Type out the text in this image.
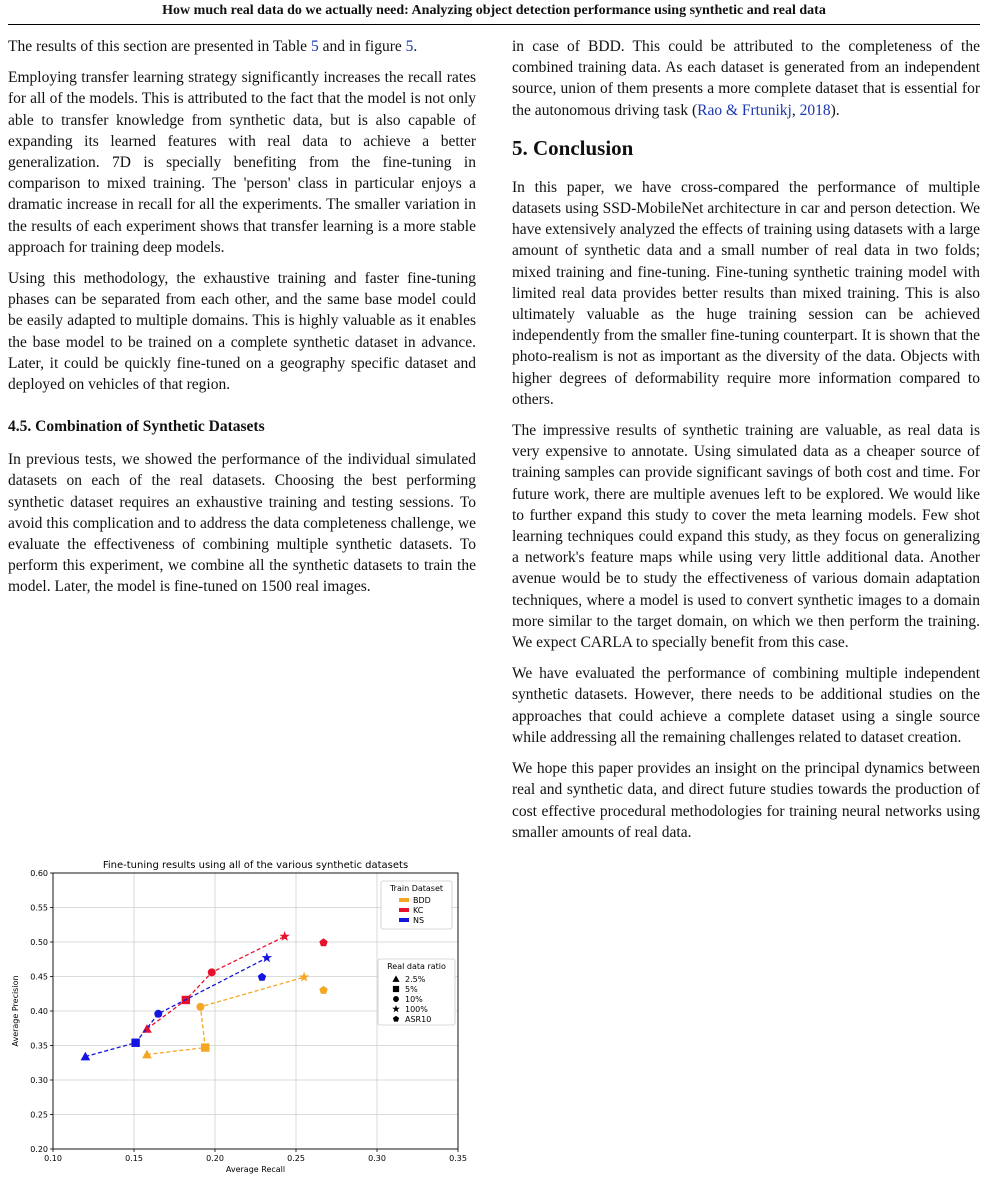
How much real data do we actually need: Analyzing object detection performance using synthetic and real data

The results of this section are presented in Table 5 and in figure 5.

Employing transfer learning strategy significantly increases the recall rates for all of the models. This is attributed to the fact that the model is not only able to transfer knowledge from synthetic data, but is also capable of expanding its learned features with real data to achieve a better generalization. 7D is specially benefiting from the fine-tuning in comparison to mixed training. The 'person' class in particular enjoys a dramatic increase in recall for all the experiments. The smaller variation in the results of each experiment shows that transfer learning is a more stable approach for training deep models.

Using this methodology, the exhaustive training and faster fine-tuning phases can be separated from each other, and the same base model could be easily adapted to multiple domains. This is highly valuable as it enables the base model to be trained on a complete synthetic dataset in advance. Later, it could be quickly fine-tuned on a geography specific dataset and deployed on vehicles of that region.

4.5. Combination of Synthetic Datasets

In previous tests, we showed the performance of the individual simulated datasets on each of the real datasets. Choosing the best performing synthetic dataset requires an exhaustive training and testing sessions. To avoid this complication and to address the data completeness challenge, we evaluate the effectiveness of combining multiple synthetic datasets. To perform this experiment, we combine all the synthetic datasets to train the model. Later, the model is fine-tuned on 1500 real images.

in case of BDD. This could be attributed to the completeness of the combined training data. As each dataset is generated from an independent source, union of them presents a more complete dataset that is essential for the autonomous driving task (Rao & Frtunikj, 2018).

5. Conclusion

In this paper, we have cross-compared the performance of multiple datasets using SSD-MobileNet architecture in car and person detection. We have extensively analyzed the effects of training using datasets with a large amount of synthetic data and a small number of real data in two folds; mixed training and fine-tuning. Fine-tuning synthetic training model with limited real data provides better results than mixed training. This is also ultimately valuable as the huge training session can be achieved independently from the smaller fine-tuning counterpart. It is shown that the photo-realism is not as important as the diversity of the data. Objects with higher degrees of deformability require more information compared to others.

The impressive results of synthetic training are valuable, as real data is very expensive to annotate. Using simulated data as a cheaper source of training samples can provide significant savings of both cost and time. For future work, there are multiple avenues left to be explored. We would like to further expand this study to cover the meta learning models. Few shot learning techniques could expand this study, as they focus on generalizing a network's feature maps while using very little additional data. Another avenue would be to study the effectiveness of various domain adaptation techniques, where a model is used to convert synthetic images to a domain more similar to the target domain, on which we then perform the training. We expect CARLA to specially benefit from this case.

We have evaluated the performance of combining multiple independent synthetic datasets. However, there needs to be additional studies on the approaches that could achieve a complete dataset using a single source while addressing all the remaining challenges related to dataset creation.

We hope this paper provides an insight on the principal dynamics between real and synthetic data, and direct future studies towards the production of cost effective procedural methodologies for training neural networks using smaller amounts of real data.

0.10	0.15	0.20	0.25	0.30	0.35
0.20
0.25
0.30
0.35
0.40
0.45
0.50
0.55
0.60
Fine-tuning results using all of the various synthetic datasets
Average Recall
Average Precision
Train Dataset
BDD
KC
NS
Real data ratio
2.5%
5%
10%
100%
ASR10
